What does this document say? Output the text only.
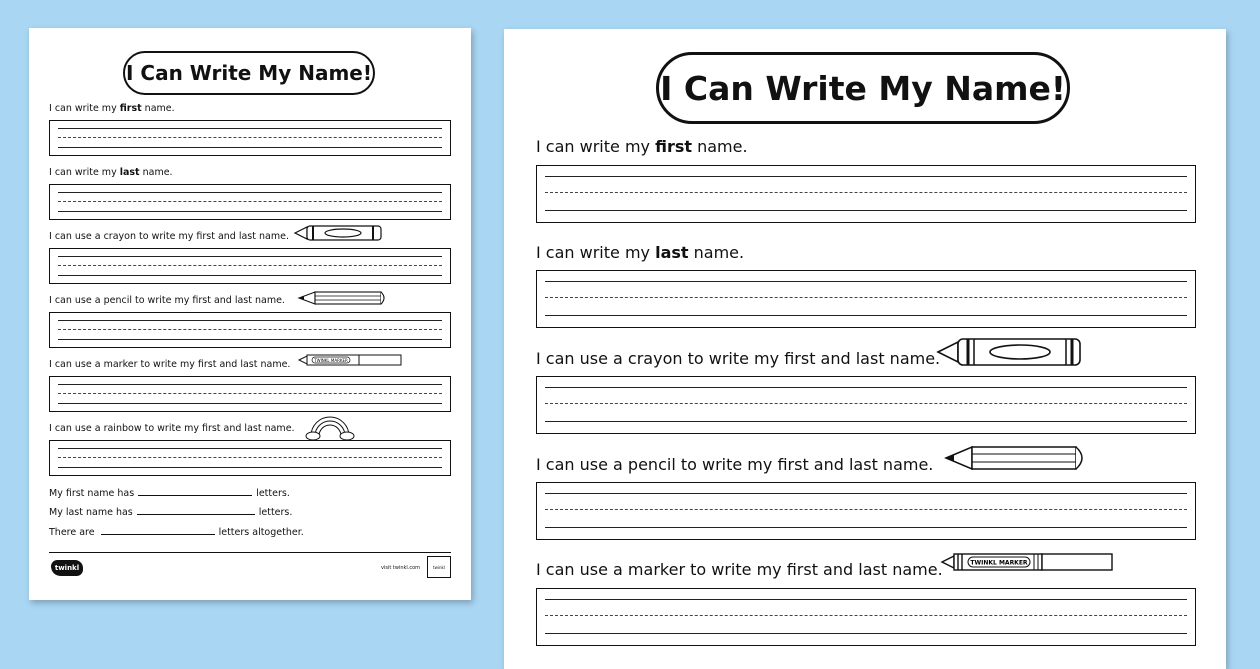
I Can Write My Name!
I can write my first name.
I can write my last name.
I can use a crayon to write my first and last name.
I can use a pencil to write my first and last name.
I can use a marker to write my first and last name.	TWINKL MARKER
I can use a rainbow to write my first and last name.
My first name has	letters.
My last name has	letters.
There are	letters altogether.
twinkl	visit twinkl.com	twinkl
I Can Write My Name!
I can write my first name.
I can write my last name.
I can use a crayon to write my first and last name.
I can use a pencil to write my first and last name.
I can use a marker to write my first and last name.	TWINKL MARKER
